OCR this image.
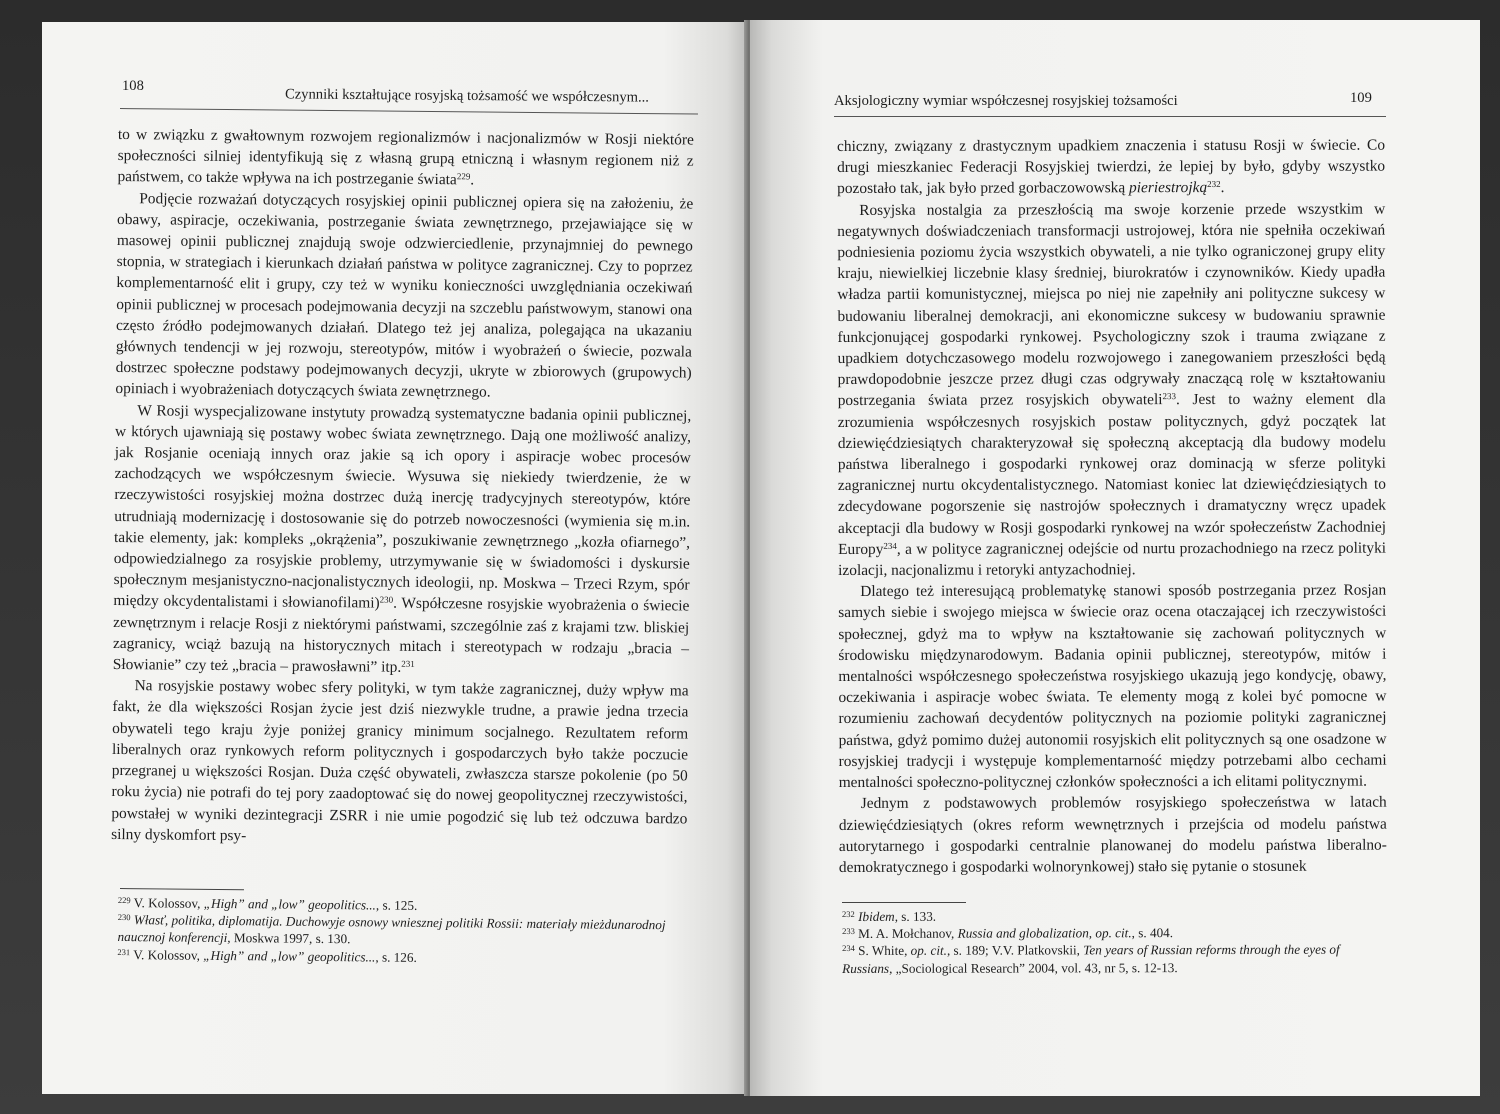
108
Czynniki kształtujące rosyjską tożsamość we współczesnym...

to w związku z gwałtownym rozwojem regionalizmów i nacjonalizmów w Rosji niektóre społeczności silniej identyfikują się z własną grupą etniczną i własnym regionem niż z państwem, co także wpływa na ich postrzeganie świata$^{229}$.

Podjęcie rozważań dotyczących rosyjskiej opinii publicznej opiera się na założeniu, że obawy, aspiracje, oczekiwania, postrzeganie świata zewnętrznego, przejawiające się w masowej opinii publicznej znajdują swoje odzwierciedlenie, przynajmniej do pewnego stopnia, w strategiach i kierunkach działań państwa w polityce zagranicznej. Czy to poprzez komplementarność elit i grupy, czy też w wyniku konieczności uwzględniania oczekiwań opinii publicznej w procesach podejmowania decyzji na szczeblu państwowym, stanowi ona często źródło podejmowanych działań. Dlatego też jej analiza, polegająca na ukazaniu głównych tendencji w jej rozwoju, stereotypów, mitów i wyobrażeń o świecie, pozwala dostrzec społeczne podstawy podejmowanych decyzji, ukryte w zbiorowych (grupowych) opiniach i wyobrażeniach dotyczących świata zewnętrznego.

W Rosji wyspecjalizowane instytuty prowadzą systematyczne badania opinii publicznej, w których ujawniają się postawy wobec świata zewnętrznego. Dają one możliwość analizy, jak Rosjanie oceniają innych oraz jakie są ich opory i aspiracje wobec procesów zachodzących we współczesnym świecie. Wysuwa się niekiedy twierdzenie, że w rzeczywistości rosyjskiej można dostrzec dużą inercję tradycyjnych stereotypów, które utrudniają modernizację i dostosowanie się do potrzeb nowoczesności (wymienia się m.in. takie elementy, jak: kompleks „okrążenia”, poszukiwanie zewnętrznego „kozła ofiarnego”, odpowiedzialnego za rosyjskie problemy, utrzymywanie się w świadomości i dyskursie społecznym mesjanistyczno-nacjonalistycznych ideologii, np. Moskwa – Trzeci Rzym, spór między okcydentalistami i słowianofilami)$^{230}$. Współczesne rosyjskie wyobrażenia o świecie zewnętrznym i relacje Rosji z niektórymi państwami, szczególnie zaś z krajami tzw. bliskiej zagranicy, wciąż bazują na historycznych mitach i stereotypach w rodzaju „bracia – Słowianie” czy też „bracia – prawosławni” itp.$^{231}$

Na rosyjskie postawy wobec sfery polityki, w tym także zagranicznej, duży wpływ ma fakt, że dla większości Rosjan życie jest dziś niezwykle trudne, a prawie jedna trzecia obywateli tego kraju żyje poniżej granicy minimum socjalnego. Rezultatem reform liberalnych oraz rynkowych reform politycznych i gospodarczych było także poczucie przegranej u większości Rosjan. Duża część obywateli, zwłaszcza starsze pokolenie (po 50 roku życia) nie potrafi do tej pory zaadoptować się do nowej geopolitycznej rzeczywistości, powstałej w wyniki dezintegracji ZSRR i nie umie pogodzić się lub też odczuwa bardzo silny dyskomfort psy-

$^{229}$ V. Kolossov, „High” and „low” geopolitics..., s. 125.
$^{230}$ Własť, politika, diplomatija. Duchowyje osnowy wniesznej politiki Rossii: materiały mieżdunarodnoj naucznoj konferencji, Moskwa 1997, s. 130.
$^{231}$ V. Kolossov, „High” and „low” geopolitics..., s. 126.
Aksjologiczny wymiar współczesnej rosyjskiej tożsamości	109

chiczny, związany z drastycznym upadkiem znaczenia i statusu Rosji w świecie. Co drugi mieszkaniec Federacji Rosyjskiej twierdzi, że lepiej by było, gdyby wszystko pozostało tak, jak było przed gorbaczowowską pieriestrojką$^{232}$.

Rosyjska nostalgia za przeszłością ma swoje korzenie przede wszystkim w negatywnych doświadczeniach transformacji ustrojowej, która nie spełniła oczekiwań podniesienia poziomu życia wszystkich obywateli, a nie tylko ograniczonej grupy elity kraju, niewielkiej liczebnie klasy średniej, biurokratów i czynowników. Kiedy upadła władza partii komunistycznej, miejsca po niej nie zapełniły ani polityczne sukcesy w budowaniu liberalnej demokracji, ani ekonomiczne sukcesy w budowaniu sprawnie funkcjonującej gospodarki rynkowej. Psychologiczny szok i trauma związane z upadkiem dotychczasowego modelu rozwojowego i zanegowaniem przeszłości będą prawdopodobnie jeszcze przez długi czas odgrywały znaczącą rolę w kształtowaniu postrzegania świata przez rosyjskich obywateli$^{233}$. Jest to ważny element dla zrozumienia współczesnych rosyjskich postaw politycznych, gdyż początek lat dziewięćdziesiątych charakteryzował się społeczną akceptacją dla budowy modelu państwa liberalnego i gospodarki rynkowej oraz dominacją w sferze polityki zagranicznej nurtu okcydentalistycznego. Natomiast koniec lat dziewięćdziesiątych to zdecydowane pogorszenie się nastrojów społecznych i dramatyczny wręcz upadek akceptacji dla budowy w Rosji gospodarki rynkowej na wzór społeczeństw Zachodniej Europy$^{234}$, a w polityce zagranicznej odejście od nurtu prozachodniego na rzecz polityki izolacji, nacjonalizmu i retoryki antyzachodniej.

Dlatego też interesującą problematykę stanowi sposób postrzegania przez Rosjan samych siebie i swojego miejsca w świecie oraz ocena otaczającej ich rzeczywistości społecznej, gdyż ma to wpływ na kształtowanie się zachowań politycznych w środowisku międzynarodowym. Badania opinii publicznej, stereotypów, mitów i mentalności współczesnego społeczeństwa rosyjskiego ukazują jego kondycję, obawy, oczekiwania i aspiracje wobec świata. Te elementy mogą z kolei być pomocne w rozumieniu zachowań decydentów politycznych na poziomie polityki zagranicznej państwa, gdyż pomimo dużej autonomii rosyjskich elit politycznych są one osadzone w rosyjskiej tradycji i występuje komplementarność między potrzebami albo cechami mentalności społeczno-politycznej członków społeczności a ich elitami politycznymi.

Jednym z podstawowych problemów rosyjskiego społeczeństwa w latach dziewięćdziesiątych (okres reform wewnętrznych i przejścia od modelu państwa autorytarnego i gospodarki centralnie planowanej do modelu państwa liberalno-demokratycznego i gospodarki wolnorynkowej) stało się pytanie o stosunek

$^{232}$ Ibidem, s. 133.
$^{233}$ M. A. Mołchanov, Russia and globalization, op. cit., s. 404.
$^{234}$ S. White, op. cit., s. 189; V.V. Platkovskii, Ten years of Russian reforms through the eyes of Russians, „Sociological Research” 2004, vol. 43, nr 5, s. 12-13.
